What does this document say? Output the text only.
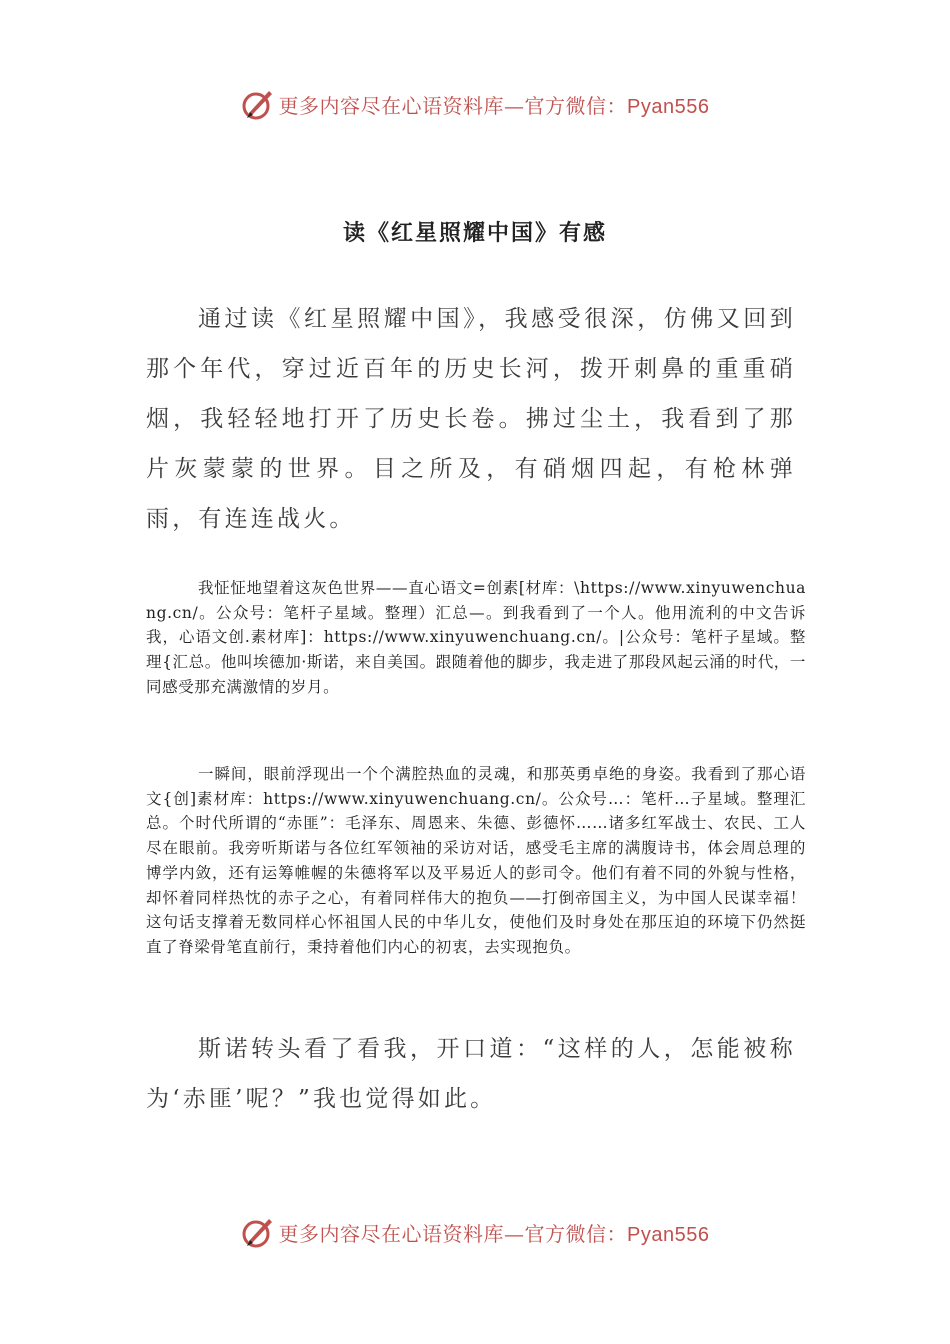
更多内容尽在心语资料库—官方微信：Pyan556
读《红星照耀中国》有感

通过读《红星照耀中国》，我感受很深，仿佛又回到那个年代，穿过近百年的历史长河，拨开刺鼻的重重硝烟，我轻轻地打开了历史长卷。拂过尘土，我看到了那片灰蒙蒙的世界。目之所及，有硝烟四起，有枪林弹雨，有连连战火。

我怔怔地望着这灰色世界——直心语文=创素[材库：\https://www.xinyuwenchuang.cn/。公众号：笔杆子星域。整理）汇总—。到我看到了一个人。他用流利的中文告诉我，心语文创.素材库]：https://www.xinyuwenchuang.cn/。|公众号：笔杆子星域。整理{汇总。他叫埃德加·斯诺，来自美国。跟随着他的脚步，我走进了那段风起云涌的时代，一同感受那充满激情的岁月。

一瞬间，眼前浮现出一个个满腔热血的灵魂，和那英勇卓绝的身姿。我看到了那心语文{创]素材库：https://www.xinyuwenchuang.cn/。公众号…：笔杆…子星域。整理汇总。个时代所谓的“赤匪”：毛泽东、周恩来、朱德、彭德怀……诸多红军战士、农民、工人尽在眼前。我旁听斯诺与各位红军领袖的采访对话，感受毛主席的满腹诗书，体会周总理的博学内敛，还有运筹帷幄的朱德将军以及平易近人的彭司令。他们有着不同的外貌与性格，却怀着同样热忱的赤子之心，有着同样伟大的抱负——打倒帝国主义，为中国人民谋幸福！这句话支撑着无数同样心怀祖国人民的中华儿女，使他们及时身处在那压迫的环境下仍然挺直了脊梁骨笔直前行，秉持着他们内心的初衷，去实现抱负。

斯诺转头看了看我，开口道：“这样的人，怎能被称为‘赤匪’呢？”我也觉得如此。

更多内容尽在心语资料库—官方微信：Pyan556
